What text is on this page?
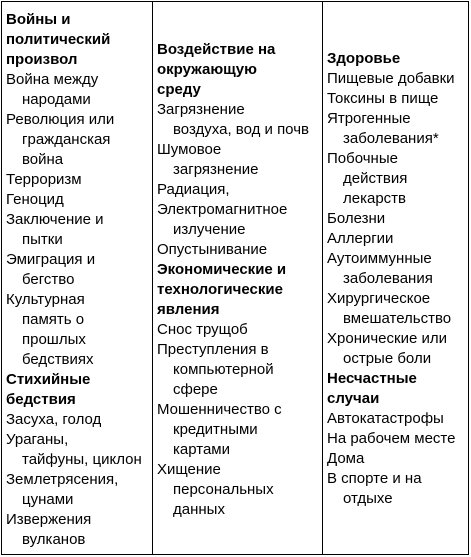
Войны и
политический
произвол

Война между
народами
Революция или
гражданская
война
Терроризм
Геноцид
Заключение и
пытки
Эмиграция и
бегство
Культурная
память о
прошлых
бедствиях

Стихийные
бедствия

Засуха, голод
Ураганы,
тайфуны, циклон
Землетрясения,
цунами
Извержения
вулканов

Воздействие на
окружающую
среду

Загрязнение
воздуха, вод и почв
Шумовое
загрязнение
Радиация,
Электромагнитное
излучение
Опустынивание

Экономические и
технологические
явления

Снос трущоб
Преступления в
компьютерной
сфере
Мошенничество с
кредитными
картами
Хищение
персональных
данных

Здоровье

Пищевые добавки
Токсины в пище
Ятрогенные
заболевания*
Побочные
действия
лекарств
Болезни
Аллергии
Аутоиммунные
заболевания
Хирургическое
вмешательство
Хронические или
острые боли

Несчастные
случаи

Автокатастрофы
На рабочем месте
Дома
В спорте и на
отдыхе
